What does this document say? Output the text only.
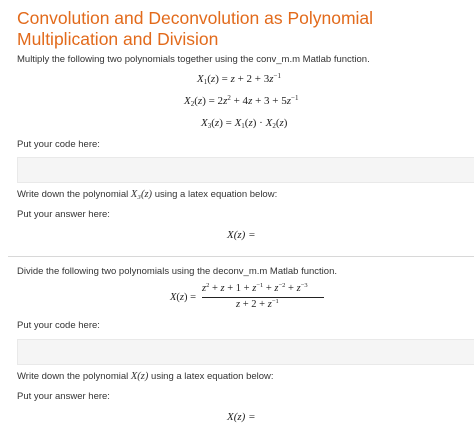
Convolution and Deconvolution as Polynomial Multiplication and Division
Multiply the following two polynomials together using the conv_m.m Matlab function.
$X_1(z) = z + 2 + 3z^{-1}$
$X_2(z) = 2z^2 + 4z + 3 + 5z^{-1}$
$X_3(z) = X_1(z) \cdot X_2(z)$
Put your code here:
Write down the polynomial X₃(z) using a latex equation below:
Put your answer here:
X(z) =
Divide the following two polynomials using the deconv_m.m Matlab function.
X(z) =
$z^2 + z + 1 + z^{-1} + z^{-2} + z^{-3}$
$z + 2 + z^{-1}$
Put your code here:
Write down the polynomial X(z) using a latex equation below:
Put your answer here:
X(z) =
